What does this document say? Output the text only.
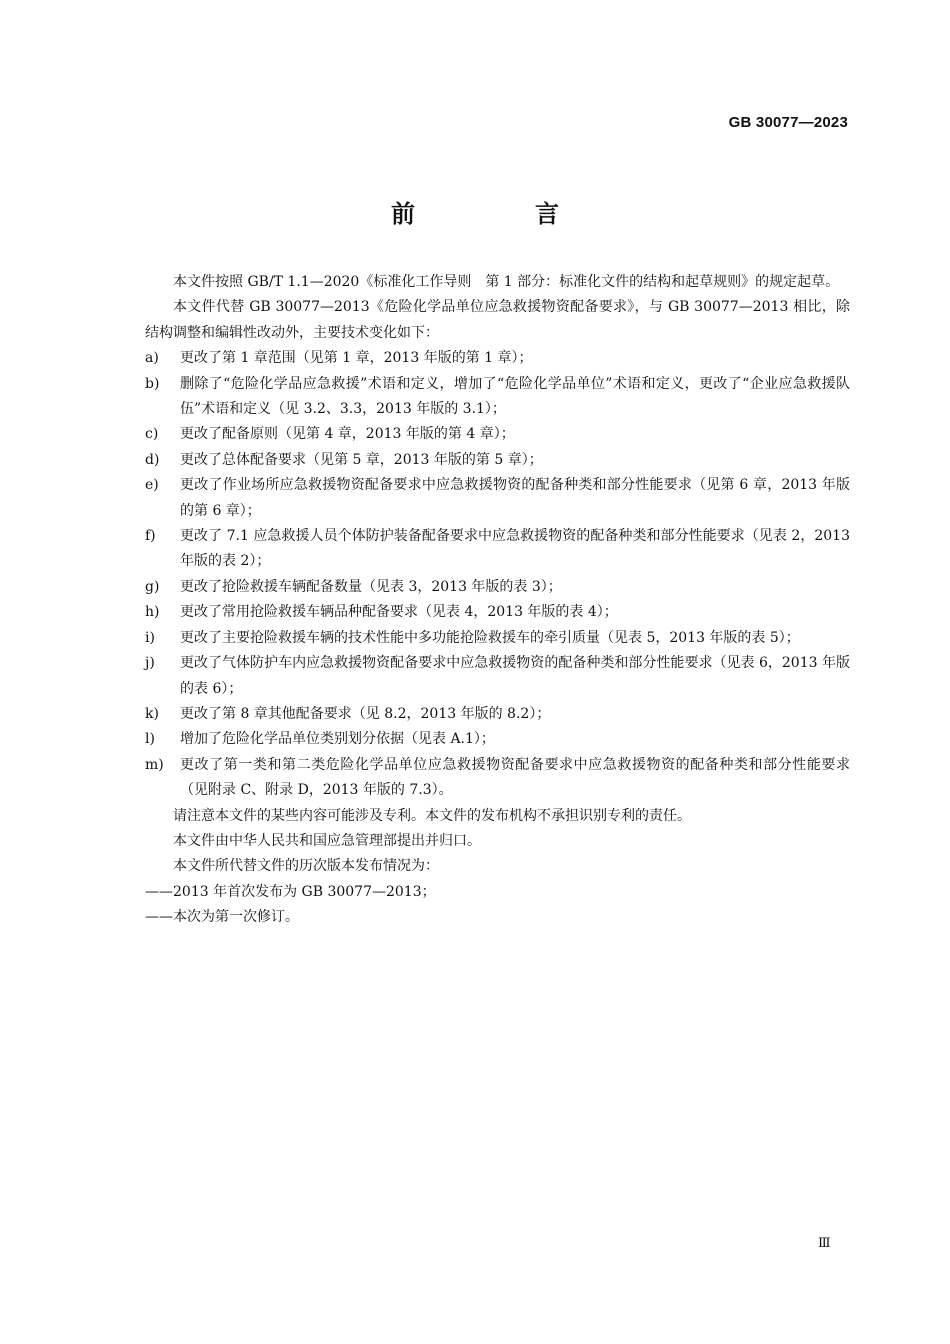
GB 30077—2023
前　言
本文件按照 GB/T 1.1—2020《标准化工作导则　第 1 部分：标准化文件的结构和起草规则》的规定起草。
本文件代替 GB 30077—2013《危险化学品单位应急救援物资配备要求》，与 GB 30077—2013 相比，除结构调整和编辑性改动外，主要技术变化如下：
a)	更改了第 1 章范围（见第 1 章，2013 年版的第 1 章）；
b)	删除了“危险化学品应急救援”术语和定义，增加了“危险化学品单位”术语和定义，更改了“企业应急救援队伍”术语和定义（见 3.2、3.3，2013 年版的 3.1）；
c)	更改了配备原则（见第 4 章，2013 年版的第 4 章）；
d)	更改了总体配备要求（见第 5 章，2013 年版的第 5 章）；
e)	更改了作业场所应急救援物资配备要求中应急救援物资的配备种类和部分性能要求（见第 6 章，2013 年版的第 6 章）；
f)	更改了 7.1 应急救援人员个体防护装备配备要求中应急救援物资的配备种类和部分性能要求（见表 2，2013 年版的表 2）；
g)	更改了抢险救援车辆配备数量（见表 3，2013 年版的表 3）；
h)	更改了常用抢险救援车辆品种配备要求（见表 4，2013 年版的表 4）；
i)	更改了主要抢险救援车辆的技术性能中多功能抢险救援车的牵引质量（见表 5，2013 年版的表 5）；
j)	更改了气体防护车内应急救援物资配备要求中应急救援物资的配备种类和部分性能要求（见表 6，2013 年版的表 6）；
k)	更改了第 8 章其他配备要求（见 8.2，2013 年版的 8.2）；
l)	增加了危险化学品单位类别划分依据（见表 A.1）；
m)	更改了第一类和第二类危险化学品单位应急救援物资配备要求中应急救援物资的配备种类和部分性能要求（见附录 C、附录 D，2013 年版的 7.3）。
请注意本文件的某些内容可能涉及专利。本文件的发布机构不承担识别专利的责任。
本文件由中华人民共和国应急管理部提出并归口。
本文件所代替文件的历次版本发布情况为：
——2013 年首次发布为 GB 30077—2013；
——本次为第一次修订。
Ⅲ
